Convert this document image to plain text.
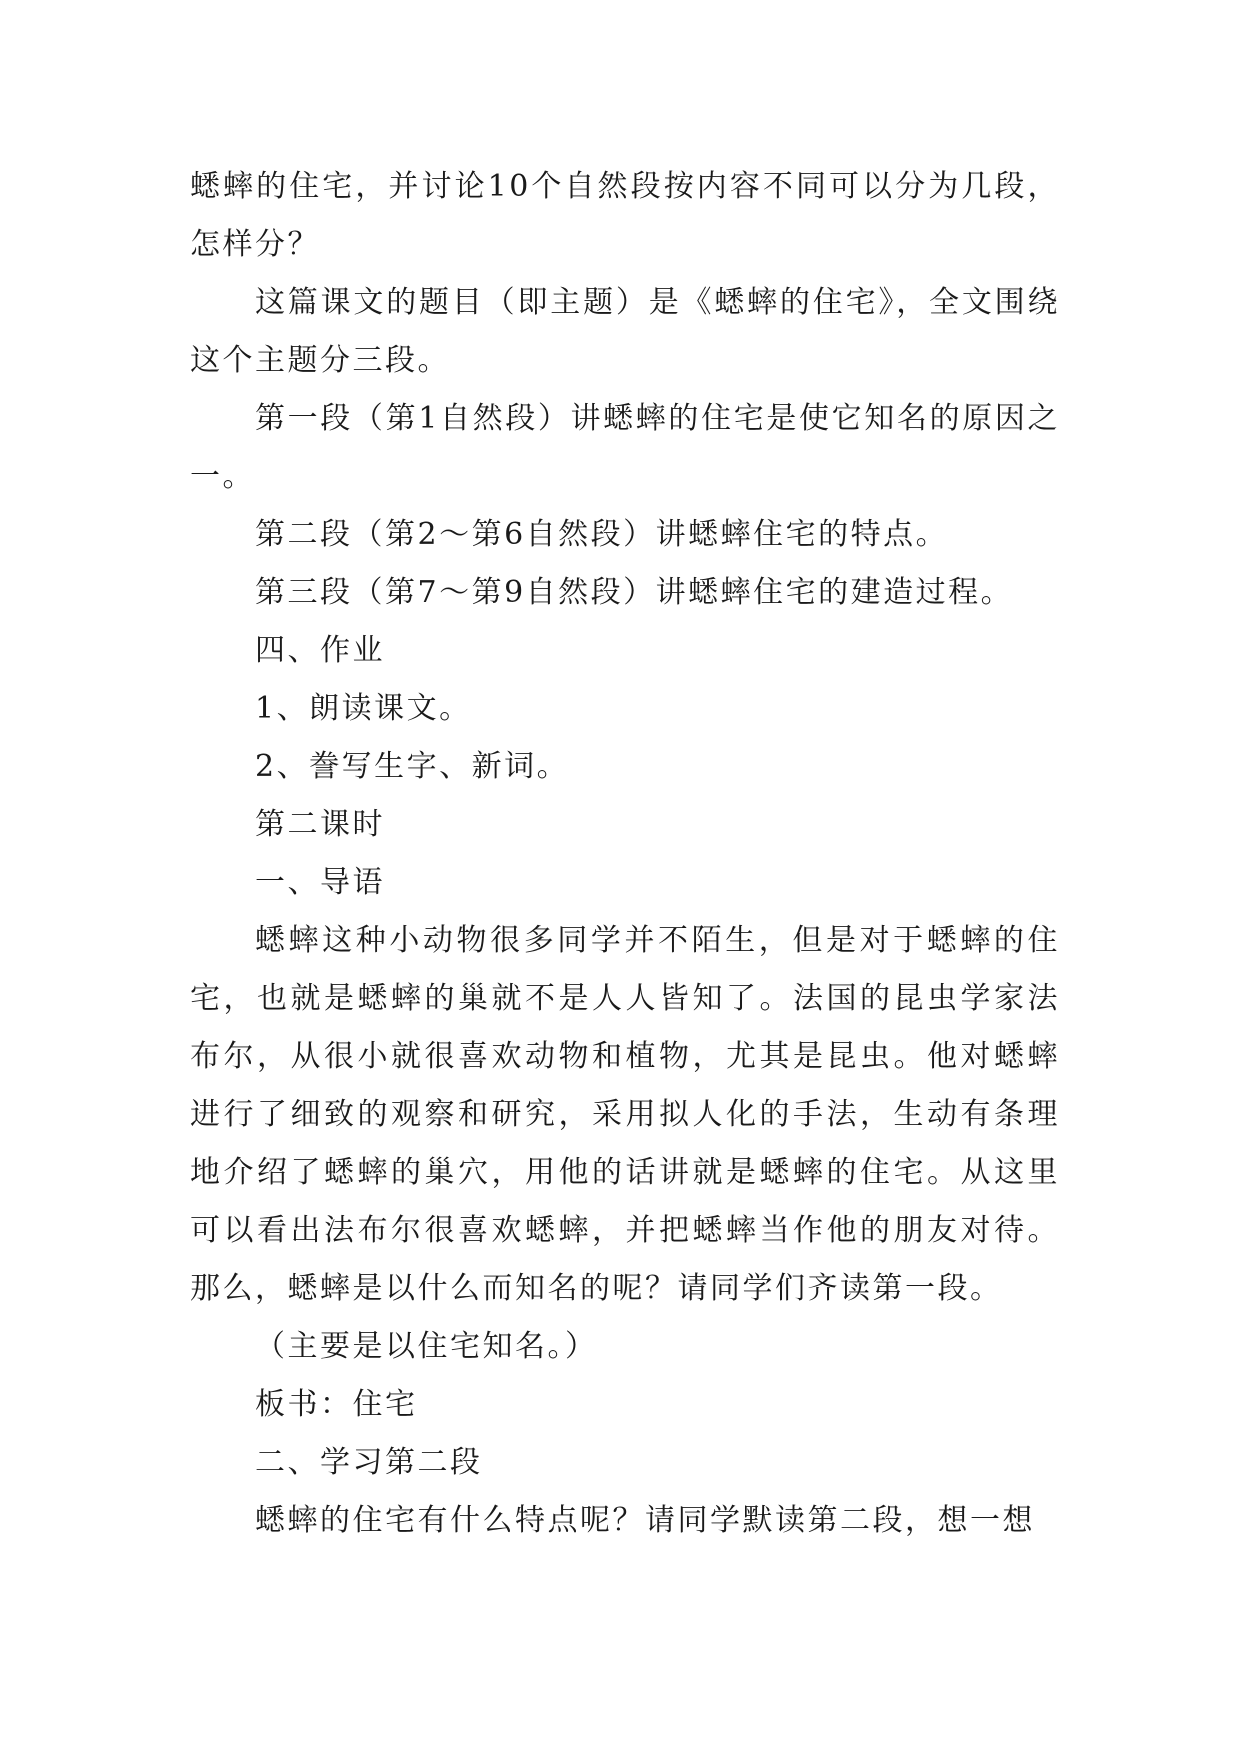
蟋蟀的住宅，并讨论10个自然段按内容不同可以分为几段，怎样分？

这篇课文的题目（即主题）是《蟋蟀的住宅》，全文围绕这个主题分三段。

第一段（第1自然段）讲蟋蟀的住宅是使它知名的原因之一。

第二段（第2～第6自然段）讲蟋蟀住宅的特点。

第三段（第7～第9自然段）讲蟋蟀住宅的建造过程。

四、作业

1、朗读课文。

2、誊写生字、新词。

第二课时

一、导语

蟋蟀这种小动物很多同学并不陌生，但是对于蟋蟀的住宅，也就是蟋蟀的巢就不是人人皆知了。法国的昆虫学家法布尔，从很小就很喜欢动物和植物，尤其是昆虫。他对蟋蟀进行了细致的观察和研究，采用拟人化的手法，生动有条理地介绍了蟋蟀的巢穴，用他的话讲就是蟋蟀的住宅。从这里可以看出法布尔很喜欢蟋蟀，并把蟋蟀当作他的朋友对待。那么，蟋蟀是以什么而知名的呢？请同学们齐读第一段。

（主要是以住宅知名。）

板书：住宅

二、学习第二段

蟋蟀的住宅有什么特点呢？请同学默读第二段，想一想
